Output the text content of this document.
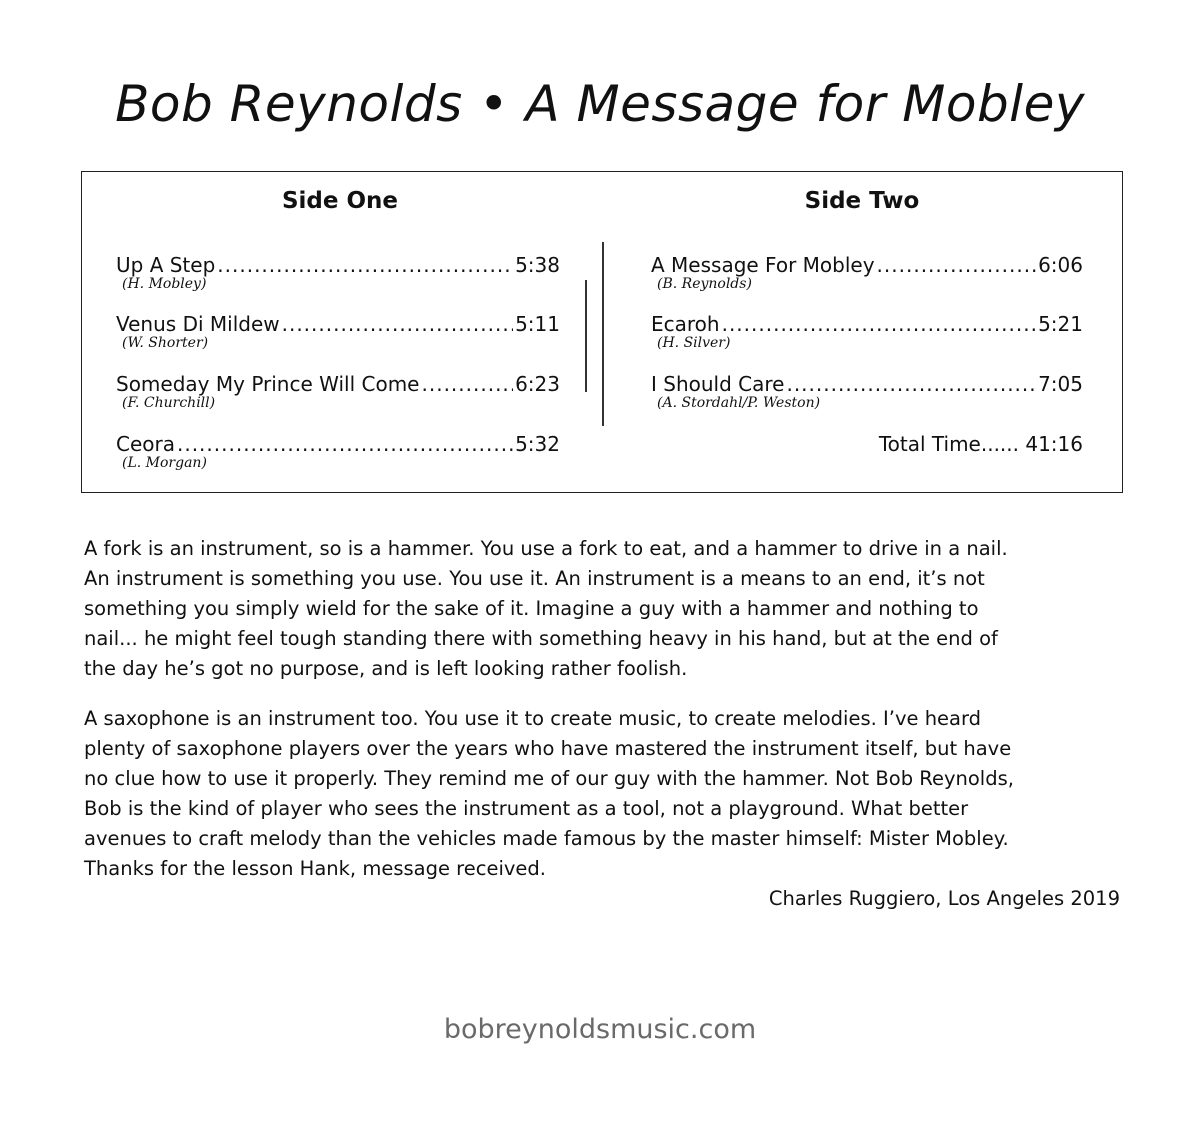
Bob Reynolds • A Message for Mobley
Side One	Side Two
Up A Step .....	5:38
(H. Mobley)
Venus Di Mildew .....	5:11
(W. Shorter)
Someday My Prince Will Come .....	6:23
(F. Churchill)
Ceora .....	5:32
(L. Morgan)
A Message For Mobley .....	6:06
(B. Reynolds)
Ecaroh .....	5:21
(H. Silver)
I Should Care .....	7:05
(A. Stordahl/P. Weston)
Total Time...... 41:16

A fork is an instrument, so is a hammer. You use a fork to eat, and a hammer to drive in a nail.

An instrument is something you use. You use it. An instrument is a means to an end, it’s not

something you simply wield for the sake of it. Imagine a guy with a hammer and nothing to

nail... he might feel tough standing there with something heavy in his hand, but at the end of

the day he’s got no purpose, and is left looking rather foolish.

A saxophone is an instrument too. You use it to create music, to create melodies. I’ve heard

plenty of saxophone players over the years who have mastered the instrument itself, but have

no clue how to use it properly. They remind me of our guy with the hammer. Not Bob Reynolds,

Bob is the kind of player who sees the instrument as a tool, not a playground. What better

avenues to craft melody than the vehicles made famous by the master himself: Mister Mobley.

Thanks for the lesson Hank, message received.

Charles Ruggiero, Los Angeles 2019
bobreynoldsmusic.com
